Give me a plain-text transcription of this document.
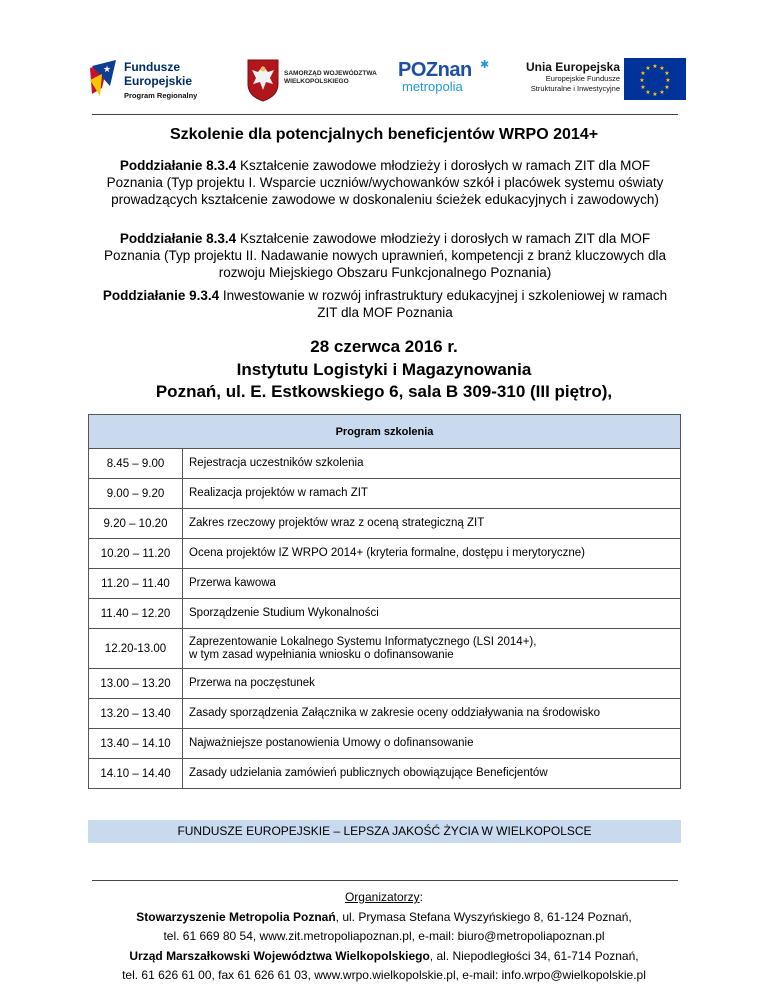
★ Fundusze
Europejskie
Program Regionalny
SAMORZĄD WOJEWÓDZTWA
WIELKOPOLSKIEGO
POZnan
metropolia
✱	Unia Europejska
Europejskie Fundusze
Strukturalne i Inwestycyjne
★ ★
★
★
★
★
★
★
★
★
★
★
Szkolenie dla potencjalnych beneficjentów WRPO 2014+
Poddziałanie 8.3.4 Kształcenie zawodowe młodzieży i dorosłych w ramach ZIT dla MOF Poznania (Typ projektu I. Wsparcie uczniów/wychowanków szkół i placówek systemu oświaty prowadzących kształcenie zawodowe w doskonaleniu ścieżek edukacyjnych i zawodowych)
Poddziałanie 8.3.4 Kształcenie zawodowe młodzieży i dorosłych w ramach ZIT dla MOF Poznania (Typ projektu II. Nadawanie nowych uprawnień, kompetencji z branż kluczowych dla rozwoju Miejskiego Obszaru Funkcjonalnego Poznania)
Poddziałanie 9.3.4 Inwestowanie w rozwój infrastruktury edukacyjnej i szkoleniowej w ramach ZIT dla MOF Poznania
28 czerwca 2016 r.
Instytutu Logistyki i Magazynowania
Poznań, ul. E. Estkowskiego 6, sala B 309-310 (III piętro),
Program szkolenia	
8.45 – 9.00	Rejestracja uczestników szkolenia
9.00 – 9.20	Realizacja projektów w ramach ZIT
9.20 – 10.20	Zakres rzeczowy projektów wraz z oceną strategiczną ZIT
10.20 – 11.20	Ocena projektów IZ WRPO 2014+ (kryteria formalne, dostępu i merytoryczne)
11.20 – 11.40	Przerwa kawowa
11.40 – 12.20	Sporządzenie Studium Wykonalności
12.20-13.00	Zaprezentowanie Lokalnego Systemu Informatycznego (LSI 2014+),
w tym zasad wypełniania wniosku o dofinansowanie
13.00 – 13.20	Przerwa na poczęstunek
13.20 – 13.40	Zasady sporządzenia Załącznika w zakresie oceny oddziaływania na środowisko
13.40 – 14.10	Najważniejsze postanowienia Umowy o dofinansowanie
14.10 – 14.40	Zasady udzielania zamówień publicznych obowiązujące Beneficjentów
FUNDUSZE EUROPEJSKIE – LEPSZA JAKOŚĆ ŻYCIA W WIELKOPOLSCE
Organizatorzy:
Stowarzyszenie Metropolia Poznań, ul. Prymasa Stefana Wyszyńskiego 8, 61-124 Poznań,
tel. 61 669 80 54, www.zit.metropoliapoznan.pl, e-mail: biuro@metropoliapoznan.pl
Urząd Marszałkowski Województwa Wielkopolskiego, al. Niepodległości 34, 61-714 Poznań,
tel. 61 626 61 00, fax 61 626 61 03, www.wrpo.wielkopolskie.pl, e-mail: info.wrpo@wielkopolskie.pl
